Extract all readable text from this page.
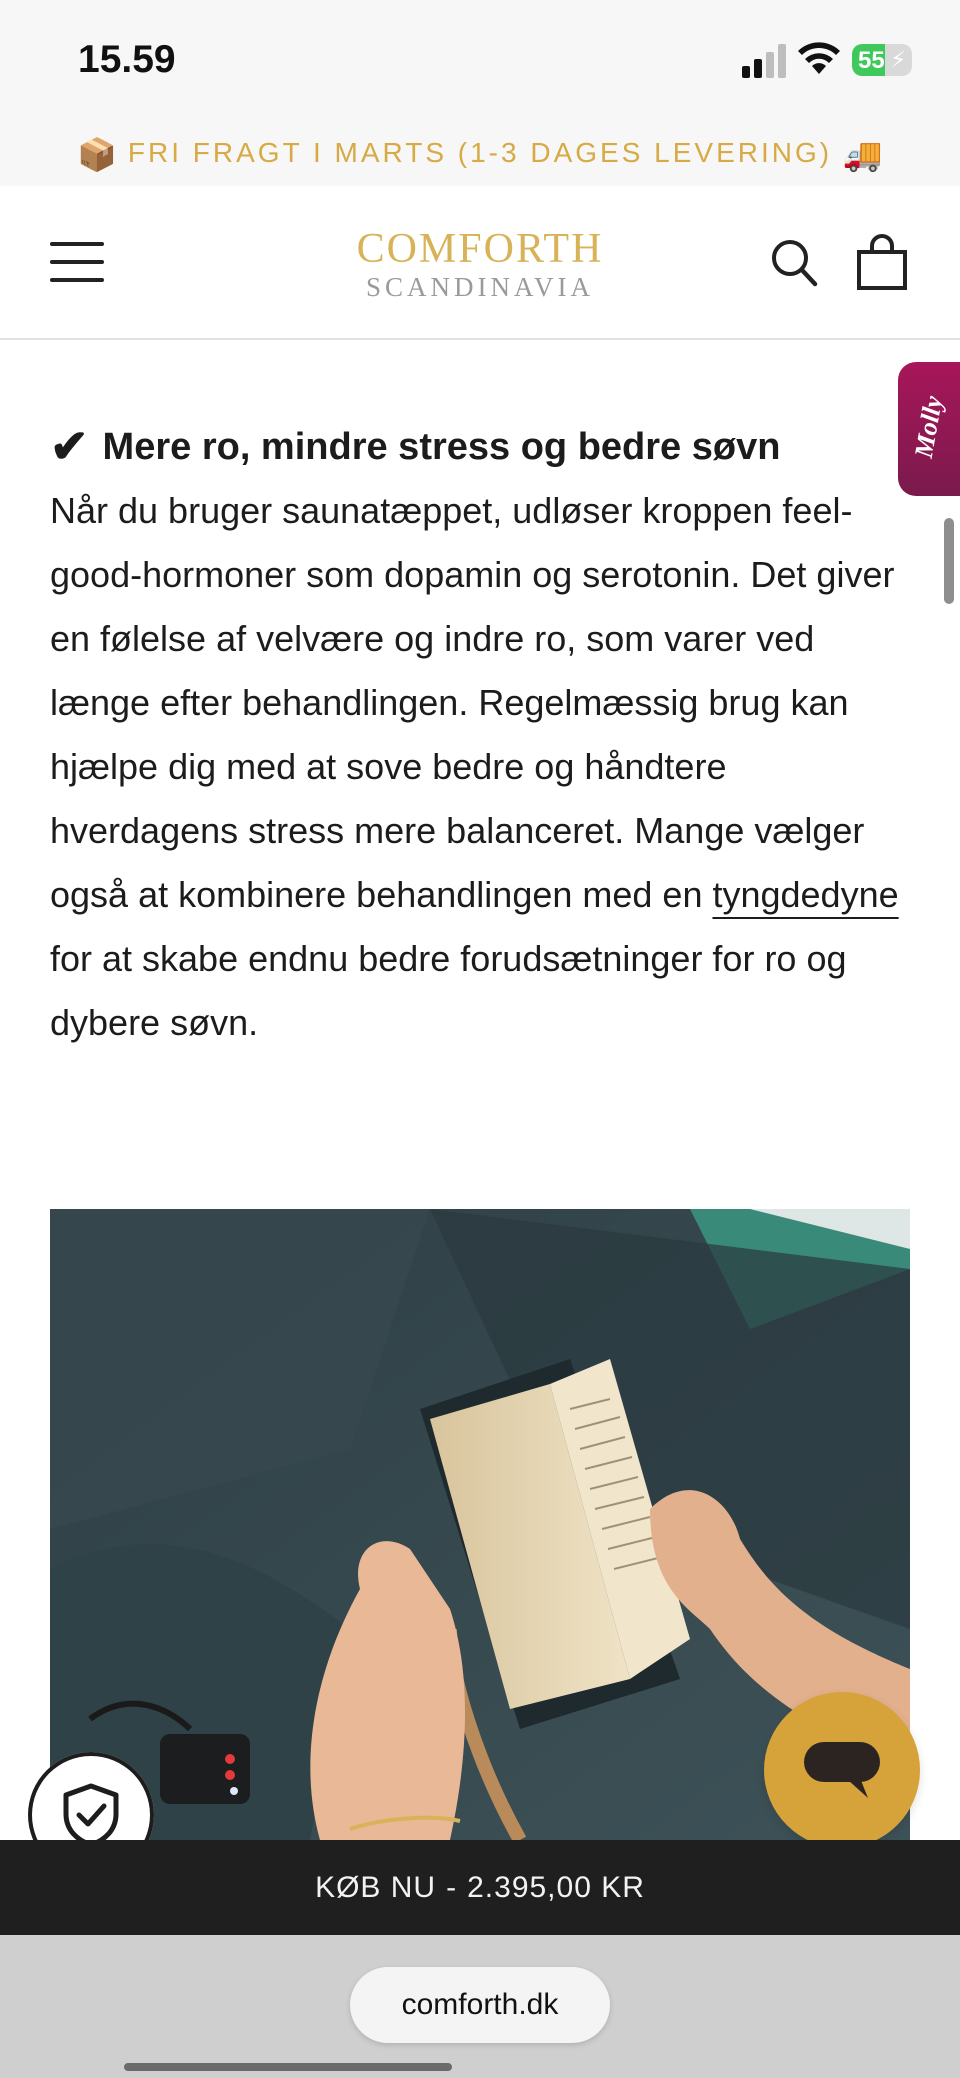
15.59	55 ⚡
📦 FRI FRAGT I MARTS (1-3 DAGES LEVERING) 🚚
COMFORTH
SCANDINAVIA

✔ Mere ro, mindre stress og bedre søvn

Når du bruger saunatæppet, udløser kroppen feel-good-hormoner som dopamin og serotonin. Det giver en følelse af velvære og indre ro, som varer ved længe efter behandlingen. Regelmæssig brug kan hjælpe dig med at sove bedre og håndtere hverdagens stress mere balanceret. Mange vælger også at kombinere behandlingen med en tyngdedyne for at skabe endnu bedre forudsætninger for ro og dybere søvn.

Molly
KØB NU - 2.395,00 KR
comforth.dk
